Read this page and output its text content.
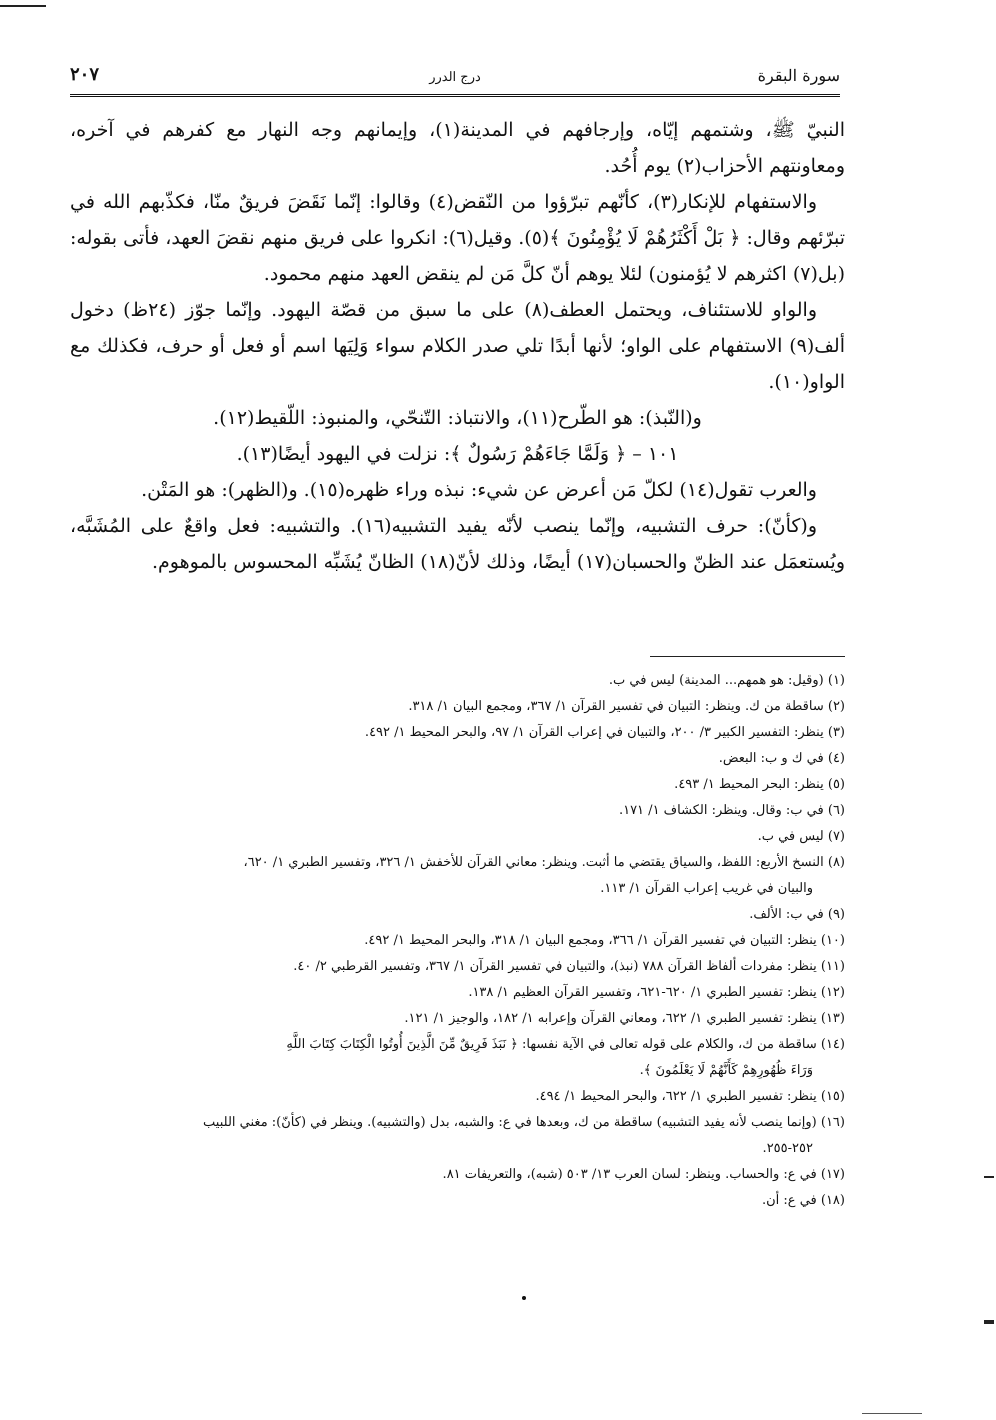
سورة البقرة
درج الدرر
٢٠٧

النبيّ ﷺ، وشتمهم إيّاه، وإرجافهم في المدينة(١)، وإيمانهم وجه النهار مع كفرهم في آخره، ومعاونتهم الأحزاب(٢) يوم أُحُد.

والاستفهام للإنكار(٣)، كأنّهم تبرّؤوا من النّقض(٤) وقالوا: إنّما نَقَضَ فريقٌ منّا، فكذّبهم الله في تبرّئهم وقال: ﴿ بَلْ أَكْثَرُهُمْ لَا يُؤْمِنُونَ ﴾(٥). وقيل(٦): انكروا على فريق منهم نقضَ العهد، فأتى بقوله: (بل(٧) اكثرهم لا يُؤمنون) لئلا يوهم أنّ كلَّ مَن لم ينقض العهد منهم محمود.

والواو للاستئناف، ويحتمل العطف(٨) على ما سبق من قصّة اليهود. وإنّما جوّز (٢٤ظ) دخول ألف(٩) الاستفهام على الواو؛ لأنها أبدًا تلي صدر الكلام سواء وَلِيَها اسم أو فعل أو حرف، فكذلك مع الواو(١٠).

و(النّبذ): هو الطّرح(١١)، والانتباذ: التّنحّي، والمنبوذ: اللّقيط(١٢).

١٠١ – ﴿ وَلَمَّا جَاءَهُمْ رَسُولٌ ﴾: نزلت في اليهود أيضًا(١٣).

والعرب تقول(١٤) لكلّ مَن أعرض عن شيء: نبذه وراء ظهره(١٥). و(الظهر): هو المَتْن.

و(كأنّ): حرف التشبيه، وإنّما ينصب لأنّه يفيد التشبيه(١٦). والتشبيه: فعل واقعٌ على المُشَبَّه، ويُستعمَل عند الظنّ والحسبان(١٧) أيضًا، وذلك لأنّ(١٨) الظانّ يُشَبِّه المحسوس بالموهوم.

(١) (وقيل: هو همهم... المدينة) ليس في ب.

(٢) ساقطة من ك. وينظر: التبيان في تفسير القرآن ١/ ٣٦٧، ومجمع البيان ١/ ٣١٨.

(٣) ينظر: التفسير الكبير ٣/ ٢٠٠، والتبيان في إعراب القرآن ١/ ٩٧، والبحر المحيط ١/ ٤٩٢.

(٤) في ك و ب: البعض.

(٥) ينظر: البحر المحيط ١/ ٤٩٣.

(٦) في ب: وقال. وينظر: الكشاف ١/ ١٧١.

(٧) ليس في ب.

(٨) النسخ الأربع: اللفظ، والسياق يقتضي ما أثبت. وينظر: معاني القرآن للأخفش ١/ ٣٢٦، وتفسير الطبري ١/ ٦٢٠،

والبيان في غريب إعراب القرآن ١/ ١١٣.

(٩) في ب: الألف.

(١٠) ينظر: التبيان في تفسير القرآن ١/ ٣٦٦، ومجمع البيان ١/ ٣١٨، والبحر المحيط ١/ ٤٩٢.

(١١) ينظر: مفردات ألفاظ القرآن ٧٨٨ (نبذ)، والتبيان في تفسير القرآن ١/ ٣٦٧، وتفسير القرطبي ٢/ ٤٠.

(١٢) ينظر: تفسير الطبري ١/ ٦٢٠-٦٢١، وتفسير القرآن العظيم ١/ ١٣٨.

(١٣) ينظر: تفسير الطبري ١/ ٦٢٢، ومعاني القرآن وإعرابه ١/ ١٨٢، والوجيز ١/ ١٢١.

(١٤) ساقطة من ك، والكلام على قوله تعالى في الآية نفسها: ﴿ نَبَذَ فَرِيقٌ مِّنَ الَّذِينَ أُوتُوا الْكِتَابَ كِتَابَ اللَّهِ

وَرَاءَ ظُهُورِهِمْ كَأَنَّهُمْ لَا يَعْلَمُونَ ﴾.

(١٥) ينظر: تفسير الطبري ١/ ٦٢٢، والبحر المحيط ١/ ٤٩٤.

(١٦) (وإنما ينصب لأنه يفيد التشبيه) ساقطة من ك، وبعدها في ع: والشبه، بدل (والتشبيه). وينظر في (كأنّ): مغني اللبيب

٢٥٢-٢٥٥.

(١٧) في ع: والحساب. وينظر: لسان العرب ١٣/ ٥٠٣ (شبه)، والتعريفات ٨١.

(١٨) في ع: أن.
